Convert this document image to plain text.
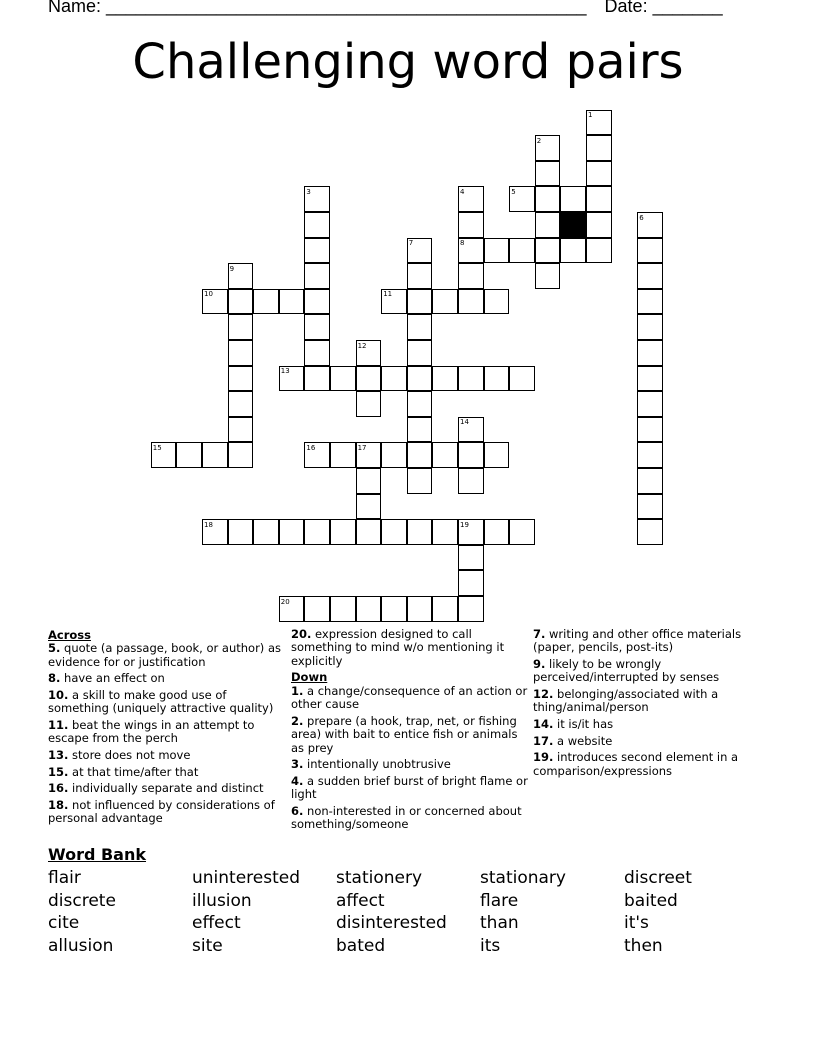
Name: ________________________________________________ Date: _______
Challenging word pairs
1
2
3	4	5
6
7	8
9
10	11
12
13
14
15	16	17
18	19
20
Across
5. quote (a passage, book, or author) as evidence for or justification
8. have an effect on
10. a skill to make good use of something (uniquely attractive quality)
11. beat the wings in an attempt to escape from the perch
13. store does not move
15. at that time/after that
16. individually separate and distinct
18. not influenced by considerations of personal advantage
20. expression designed to call something to mind w/o mentioning it explicitly
Down
1. a change/consequence of an action or other cause
2. prepare (a hook, trap, net, or fishing area) with bait to entice fish or animals as prey
3. intentionally unobtrusive
4. a sudden brief burst of bright flame or light
6. non-interested in or concerned about something/someone
7. writing and other office materials (paper, pencils, post-its)
9. likely to be wrongly perceived/interrupted by senses
12. belonging/associated with a thing/animal/person
14. it is/it has
17. a website
19. introduces second element in a comparison/expressions
Word Bank
flair	uninterested	stationery	stationary	discreet
discrete	illusion	affect	flare	baited
cite	effect	disinterested	than	it's
allusion	site	bated	its	then
